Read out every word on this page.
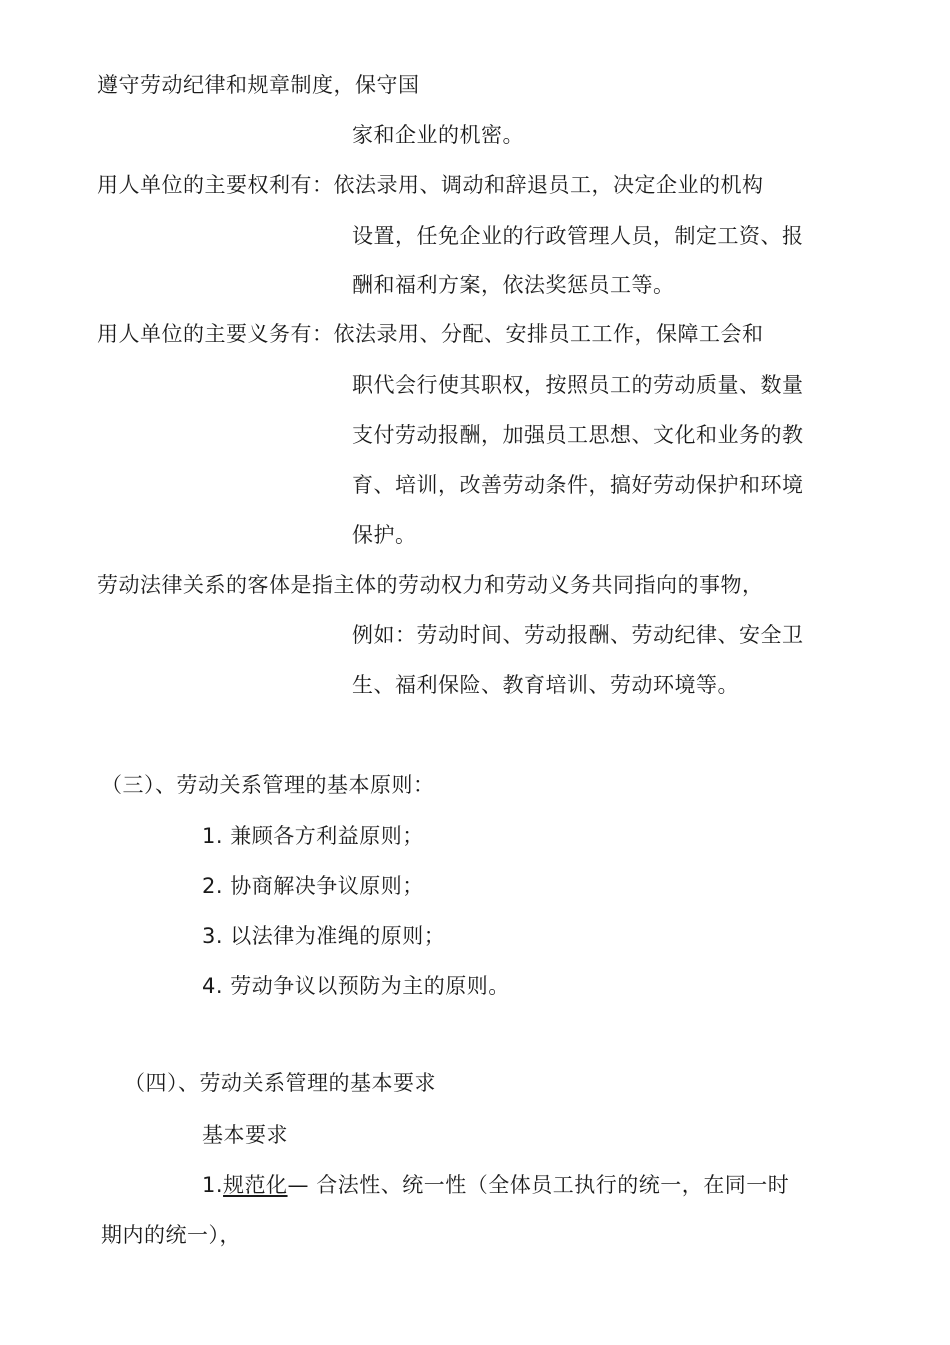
遵守劳动纪律和规章制度，保守国
家和企业的机密。
用人单位的主要权利有：依法录用、调动和辞退员工，决定企业的机构
设置，任免企业的行政管理人员，制定工资、报
酬和福利方案，依法奖惩员工等。
用人单位的主要义务有：依法录用、分配、安排员工工作，保障工会和
职代会行使其职权，按照员工的劳动质量、数量
支付劳动报酬，加强员工思想、文化和业务的教
育、培训，改善劳动条件，搞好劳动保护和环境
保护。
劳动法律关系的客体是指主体的劳动权力和劳动义务共同指向的事物，
例如：劳动时间、劳动报酬、劳动纪律、安全卫
生、福利保险、教育培训、劳动环境等。
（三）、劳动关系管理的基本原则：
1. 兼顾各方利益原则；
2. 协商解决争议原则；
3. 以法律为准绳的原则；
4. 劳动争议以预防为主的原则。
（四）、劳动关系管理的基本要求
基本要求
1.规范化— 合法性、统一性（全体员工执行的统一，在同一时
期内的统一），
